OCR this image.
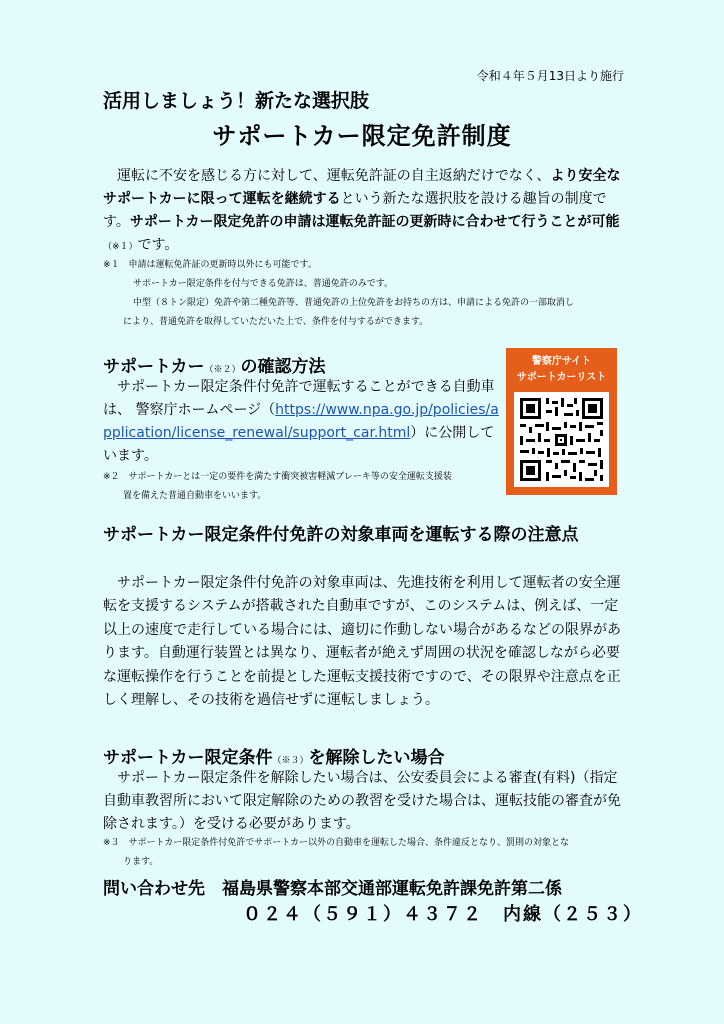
令和４年５月13日より施行
活用しましょう！新たな選択肢
サポートカー限定免許制度
運転に不安を感じる方に対して、運転免許証の自主返納だけでなく、より安全なサポートカーに限って運転を継続するという新たな選択肢を設ける趣旨の制度です。サポートカー限定免許の申請は運転免許証の更新時に合わせて行うことが可能（※１）です。
※１　申請は運転免許証の更新時以外にも可能です。
サポートカー限定条件を付与できる免許は、普通免許のみです。
中型（８トン限定）免許や第二種免許等、普通免許の上位免許をお持ちの方は、申請による免許の一部取消し
により、普通免許を取得していただいた上で、条件を付与するができます。
サポートカー（※２）の確認方法
　サポートカー限定条件付免許で運転することができる自動車は、 警察庁ホームページ（https://www.npa.go.jp/policies/application/license_renewal/support_car.html）に公開しています。
※２　サポートカーとは一定の要件を満たす衝突被害軽減ブレーキ等の安全運転支援装
置を備えた普通自動車をいいます。
警察庁サイト
サポートカーリスト
サポートカー限定条件付免許の対象車両を運転する際の注意点
サポートカー限定条件付免許の対象車両は、先進技術を利用して運転者の安全運転を支援するシステムが搭載された自動車ですが、このシステムは、例えば、一定以上の速度で走行している場合には、適切に作動しない場合があるなどの限界があります。自動運行装置とは異なり、運転者が絶えず周囲の状況を確認しながら必要な運転操作を行うことを前提とした運転支援技術ですので、その限界や注意点を正しく理解し、その技術を過信せずに運転しましょう。
サポートカー限定条件（※３）を解除したい場合
　サポートカー限定条件を解除したい場合は、公安委員会による審査(有料)（指定自動車教習所において限定解除のための教習を受けた場合は、運転技能の審査が免除されます。）を受ける必要があります。
※３　サポートカー限定条件付免許でサポートカー以外の自動車を運転した場合、条件違反となり、罰則の対象とな
ります。
問い合わせ先　福島県警察本部交通部運転免許課免許第二係
０２４（５９１）４３７２　内線（２５３）
